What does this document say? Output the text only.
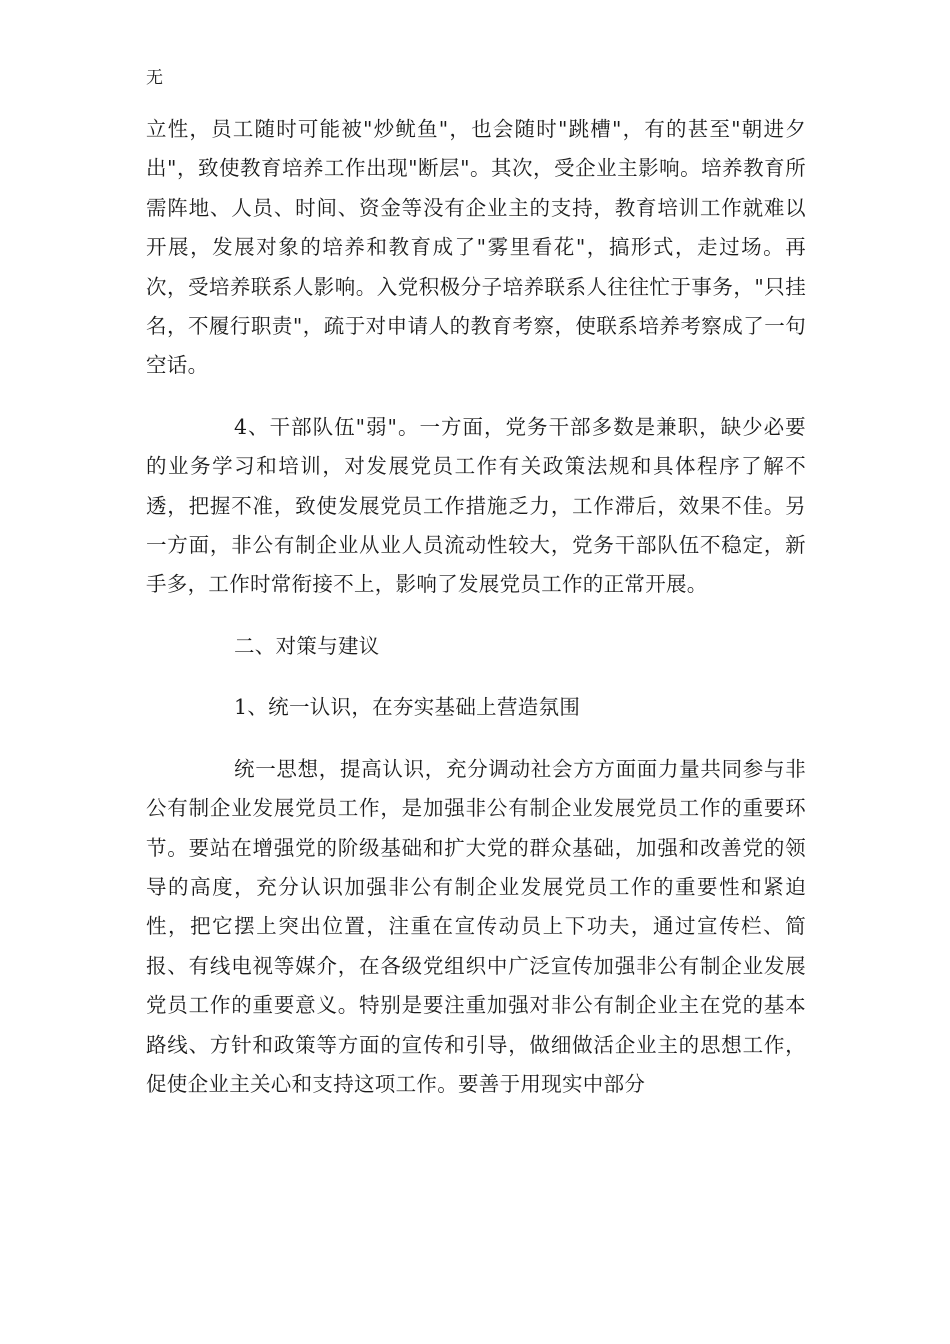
无

立性，员工随时可能被"炒鱿鱼"，也会随时"跳槽"，有的甚至"朝进夕出"，致使教育培养工作出现"断层"。其次，受企业主影响。培养教育所需阵地、人员、时间、资金等没有企业主的支持，教育培训工作就难以开展，发展对象的培养和教育成了"雾里看花"，搞形式，走过场。再次，受培养联系人影响。入党积极分子培养联系人往往忙于事务，"只挂名，不履行职责"，疏于对申请人的教育考察，使联系培养考察成了一句空话。

4、干部队伍"弱"。一方面，党务干部多数是兼职，缺少必要的业务学习和培训，对发展党员工作有关政策法规和具体程序了解不透，把握不准，致使发展党员工作措施乏力，工作滞后，效果不佳。另一方面，非公有制企业从业人员流动性较大，党务干部队伍不稳定，新手多，工作时常衔接不上，影响了发展党员工作的正常开展。

二、对策与建议

1、统一认识，在夯实基础上营造氛围

统一思想，提高认识，充分调动社会方方面面力量共同参与非公有制企业发展党员工作，是加强非公有制企业发展党员工作的重要环节。要站在增强党的阶级基础和扩大党的群众基础，加强和改善党的领导的高度，充分认识加强非公有制企业发展党员工作的重要性和紧迫性，把它摆上突出位置，注重在宣传动员上下功夫，通过宣传栏、简报、有线电视等媒介，在各级党组织中广泛宣传加强非公有制企业发展党员工作的重要意义。特别是要注重加强对非公有制企业主在党的基本路线、方针和政策等方面的宣传和引导，做细做活企业主的思想工作，促使企业主关心和支持这项工作。要善于用现实中部分
